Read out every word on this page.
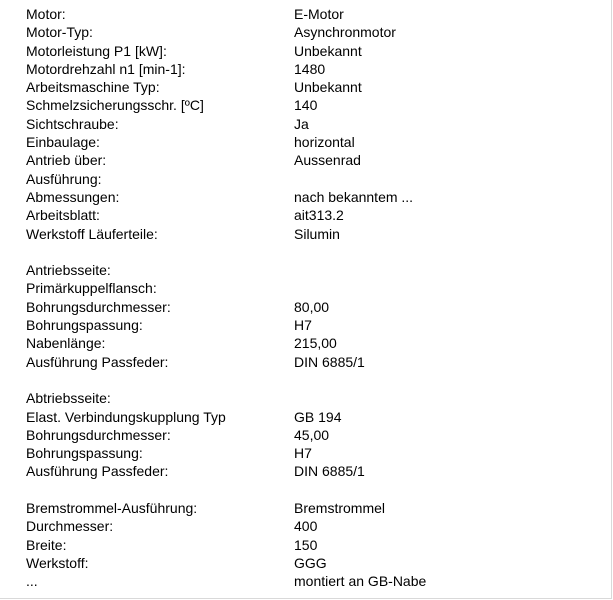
Motor:	E-Motor
Motor-Typ:	Asynchronmotor
Motorleistung P1 [kW]:	Unbekannt
Motordrehzahl n1 [min-1]:	1480
Arbeitsmaschine Typ:	Unbekannt
Schmelzsicherungsschr. [ºC]	140
Sichtschraube:	Ja
Einbaulage:	horizontal
Antrieb über:	Aussenrad
Ausführung:
Abmessungen:	nach bekanntem ...
Arbeitsblatt:	ait313.2
Werkstoff Läuferteile:	Silumin
Antriebsseite:
Primärkuppelflansch:
Bohrungsdurchmesser:	80,00
Bohrungspassung:	H7
Nabenlänge:	215,00
Ausführung Passfeder:	DIN 6885/1
Abtriebsseite:
Elast. Verbindungskupplung Typ	GB 194
Bohrungsdurchmesser:	45,00
Bohrungspassung:	H7
Ausführung Passfeder:	DIN 6885/1
Bremstrommel-Ausführung:	Bremstrommel
Durchmesser:	400
Breite:	150
Werkstoff:	GGG
...	montiert an GB-Nabe
